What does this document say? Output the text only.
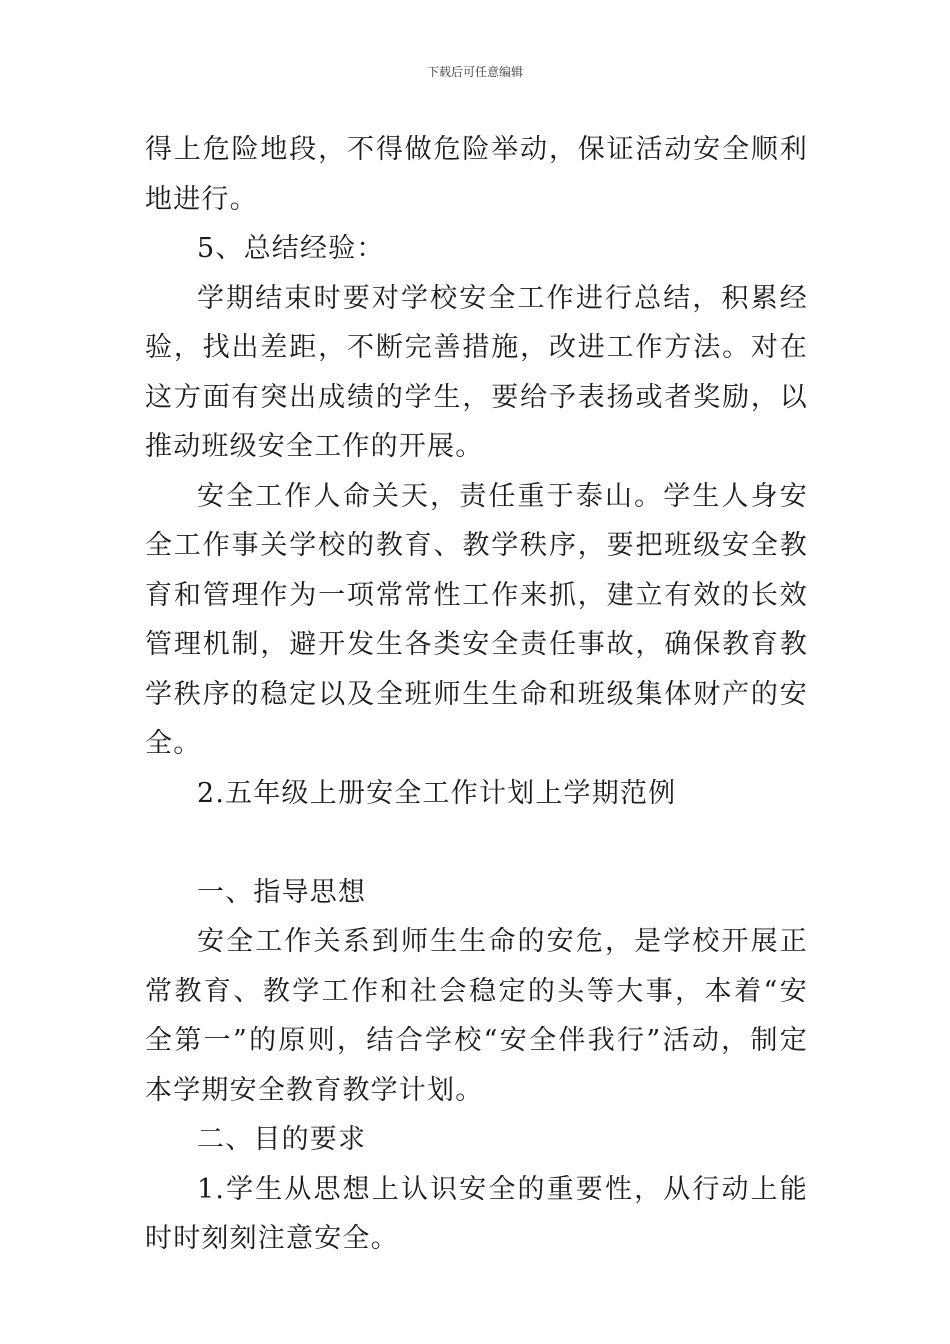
下载后可任意编辑

得上危险地段，不得做危险举动，保证活动安全顺利地进行。

5、总结经验：

学期结束时要对学校安全工作进行总结，积累经验，找出差距，不断完善措施，改进工作方法。对在这方面有突出成绩的学生，要给予表扬或者奖励，以推动班级安全工作的开展。

安全工作人命关天，责任重于泰山。学生人身安全工作事关学校的教育、教学秩序，要把班级安全教育和管理作为一项常常性工作来抓，建立有效的长效管理机制，避开发生各类安全责任事故，确保教育教学秩序的稳定以及全班师生生命和班级集体财产的安全。

2.五年级上册安全工作计划上学期范例

一、指导思想

安全工作关系到师生生命的安危，是学校开展正常教育、教学工作和社会稳定的头等大事，本着“安全第一”的原则，结合学校“安全伴我行”活动，制定本学期安全教育教学计划。

二、目的要求

1.学生从思想上认识安全的重要性，从行动上能时时刻刻注意安全。
